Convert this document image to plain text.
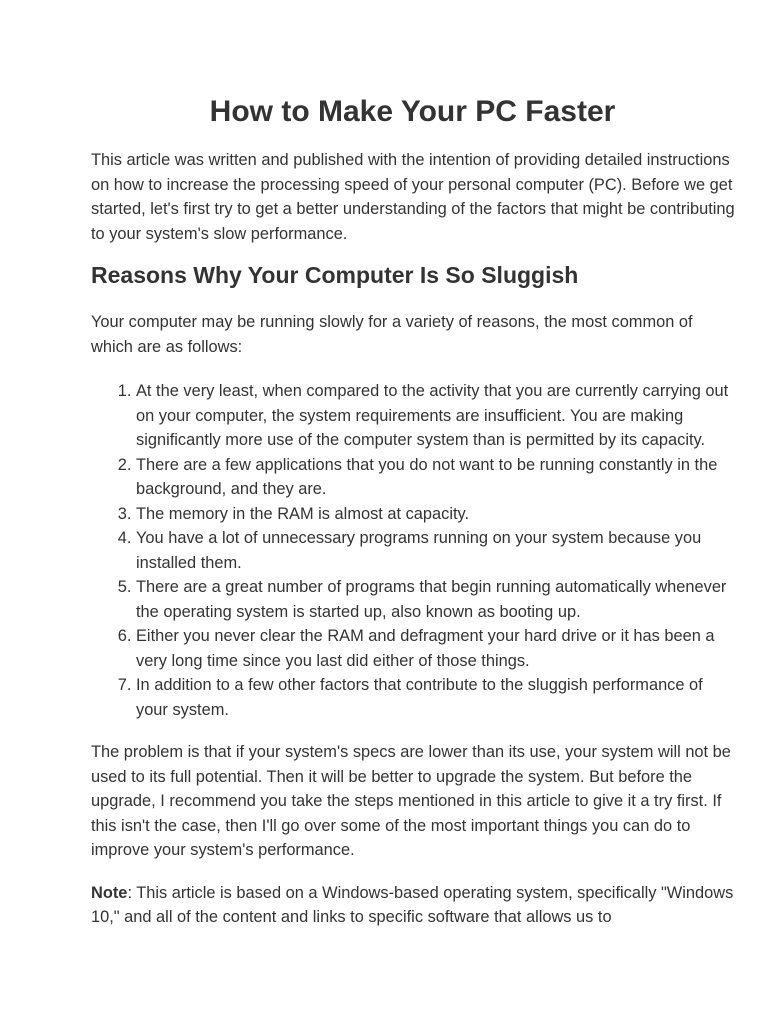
How to Make Your PC Faster

This article was written and published with the intention of providing detailed instructions on how to increase the processing speed of your personal computer (PC). Before we get started, let's first try to get a better understanding of the factors that might be contributing to your system's slow performance.

Reasons Why Your Computer Is So Sluggish

Your computer may be running slowly for a variety of reasons, the most common of which are as follows:

1. At the very least, when compared to the activity that you are currently carrying out on your computer, the system requirements are insufficient. You are making significantly more use of the computer system than is permitted by its capacity.
2. There are a few applications that you do not want to be running constantly in the background, and they are.
3. The memory in the RAM is almost at capacity.
4. You have a lot of unnecessary programs running on your system because you installed them.
5. There are a great number of programs that begin running automatically whenever the operating system is started up, also known as booting up.
6. Either you never clear the RAM and defragment your hard drive or it has been a very long time since you last did either of those things.
7. In addition to a few other factors that contribute to the sluggish performance of your system.

The problem is that if your system's specs are lower than its use, your system will not be used to its full potential. Then it will be better to upgrade the system. But before the upgrade, I recommend you take the steps mentioned in this article to give it a try first. If this isn't the case, then I'll go over some of the most important things you can do to improve your system's performance.

Note: This article is based on a Windows-based operating system, specifically "Windows 10," and all of the content and links to specific software that allows us to
